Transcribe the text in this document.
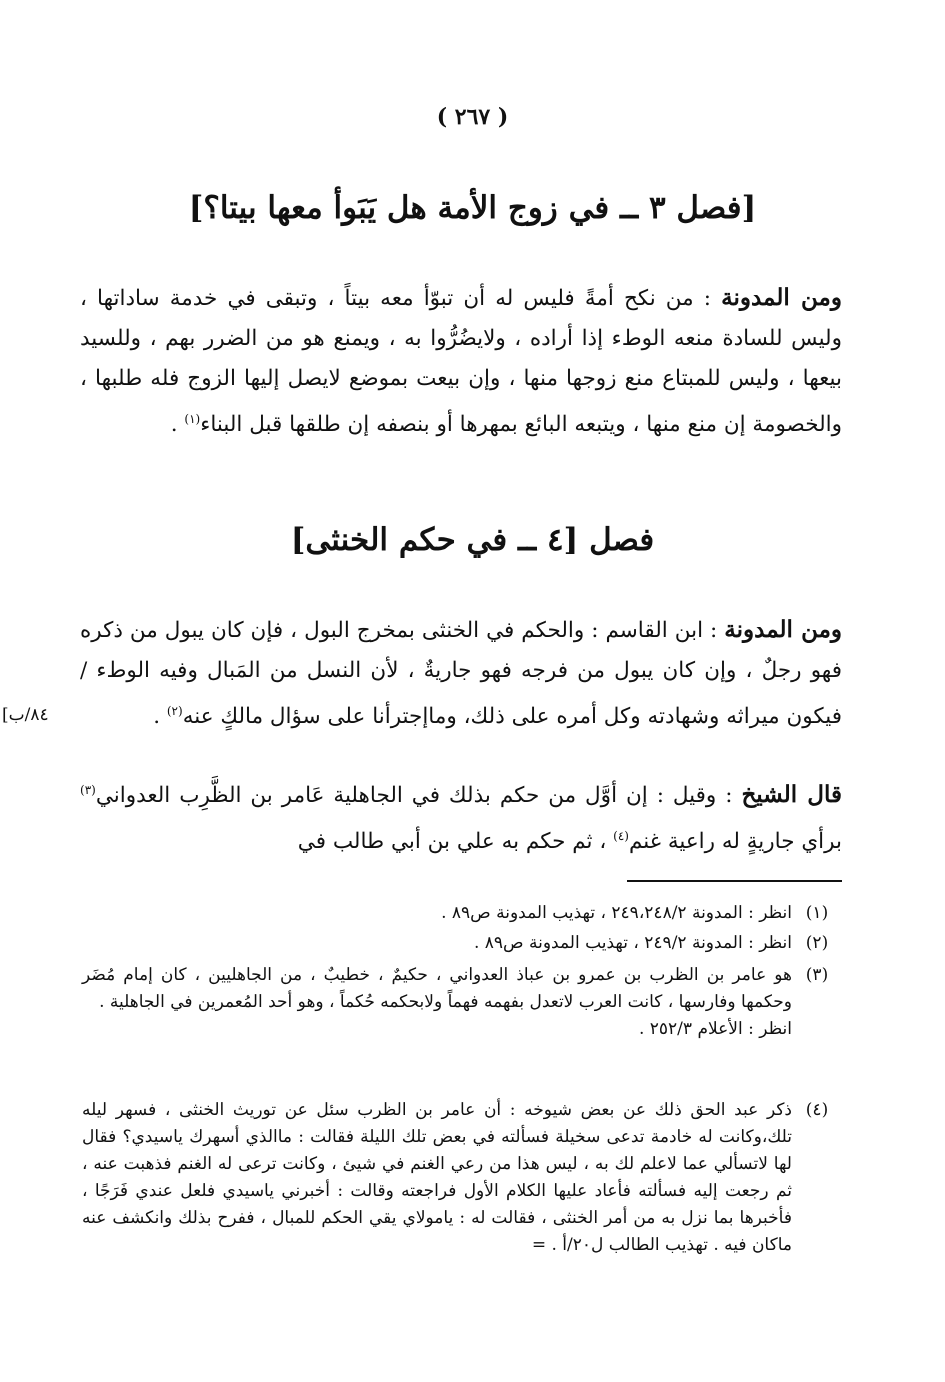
( ٢٦٧ )
[فصل ٣ ــ في زوج الأمة هل يَبَوأ معها بيتا؟]
ومن المدونة : من نكح أمةً فليس له أن تبوّأ معه بيتاً ، وتبقى في خدمة ساداتها ، وليس للسادة منعه الوطء إذا أراده ، ولايضُرُّوا به ، ويمنع هو من الضرر بهم ، وللسيد بيعها ، وليس للمبتاع منع زوجها منها ، وإن بيعت بموضع لايصل إليها الزوج فله طلبها ، والخصومة إن منع منها ، ويتبعه البائع بمهرها أو بنصفه إن طلقها قبل البناء$^{(١)}$ .
فصل [٤ ــ في حكم الخنثى]
ومن المدونة : ابن القاسم : والحكم في الخنثى بمخرج البول ، فإن كان يبول من ذكره فهو رجلٌ ، وإن كان يبول من فرجه فهو جاريةٌ ، لأن النسل من المَبال وفيه الوطء / فيكون ميراثه وشهادته وكل أمره على ذلك، وماإجترأنا على سؤال مالكٍ عنه$^{(٢)}$ .
[٨٤/ب
قال الشيخ : وقيل : إن أوَّل من حكم بذلك في الجاهلية عَامر بن الظَّرِب العدواني$^{(٣)}$ برأي جاريةٍ له راعية غنم$^{(٤)}$ ، ثم حكم به علي بن أبي طالب في
(١)
انظر : المدونة ٢٤٩،٢٤٨/٢ ، تهذيب المدونة ص٨٩ .
(٢)
انظر : المدونة ٢٤٩/٢ ، تهذيب المدونة ص٨٩ .
(٣)
هو عامر بن الظرب بن عمرو بن عباذ العدواني ، حكيمٌ ، خطيبٌ ، من الجاهليين ، كان إمام مُضَر وحكمها وفارسها ، كانت العرب لاتعدل بفهمه فهماً ولابحكمه حُكماً ، وهو أحد المُعمرين في الجاهلية .
انظر : الأعلام ٢٥٢/٣ .
(٤)
ذكر عبد الحق ذلك عن بعض شيوخه : أن عامر بن الظرب سئل عن توريث الخنثى ، فسهر ليله تلك،وكانت له خادمة تدعى سخيلة فسألته في بعض تلك الليلة فقالت : ماالذي أسهرك ياسيدي؟ فقال لها لاتسألي عما لاعلم لك به ، ليس هذا من رعي الغنم في شيئ ، وكانت ترعى له الغنم فذهبت عنه ، ثم رجعت إليه فسألته فأعاد عليها الكلام الأول فراجعته وقالت : أخبرني ياسيدي فلعل عندي فَرَجًا ، فأخبرها بما نزل به من أمر الخنثى ، فقالت له : يامولاي يقي الحكم للمبال ، ففرح بذلك وانكشف عنه ماكان فيه . تهذيب الطالب ل٢٠/أ . =
